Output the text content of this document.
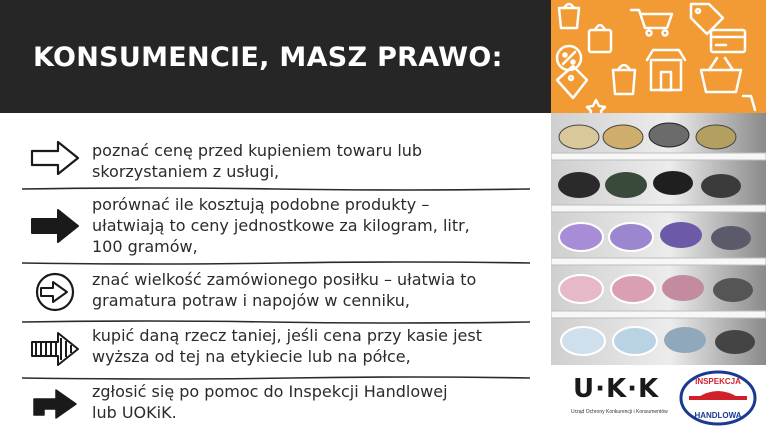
KONSUMENCIE, MASZ PRAWO:
U·K·K
Urząd Ochrony Konkurencji i Konsumentów
INSPEKCJA
HANDLOWA
poznać cenę przed kupieniem towaru lub
skorzystaniem z usługi,
porównać ile kosztują podobne produkty –
ułatwiają to ceny jednostkowe za kilogram, litr,
100 gramów,
znać wielkość zamówionego posiłku – ułatwia to
gramatura potraw i napojów w cenniku,
kupić daną rzecz taniej, jeśli cena przy kasie jest
wyższa od tej na etykiecie lub na półce,
zgłosić się po pomoc do Inspekcji Handlowej
lub UOKiK.
